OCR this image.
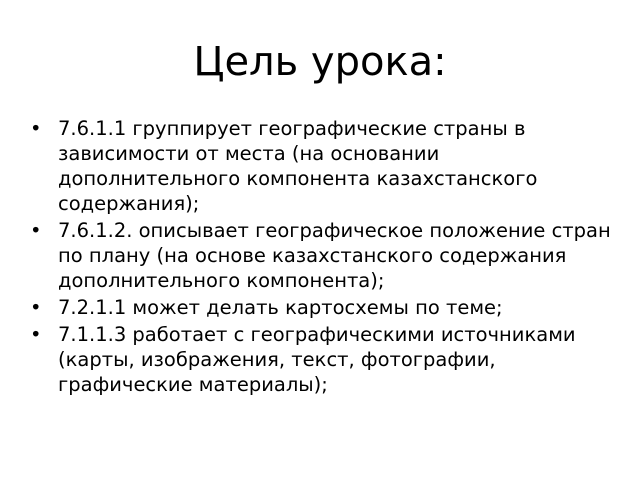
Цель урока:
• 7.6.1.1 группирует географические страны в зависимости от места (на основании дополнительного компонента казахстанского содержания);
• 7.6.1.2. описывает географическое положение стран по плану (на основе казахстанского содержания дополнительного компонента);
• 7.2.1.1 может делать картосхемы по теме;
• 7.1.1.3 работает с географическими источниками (карты, изображения, текст, фотографии, графические материалы);
